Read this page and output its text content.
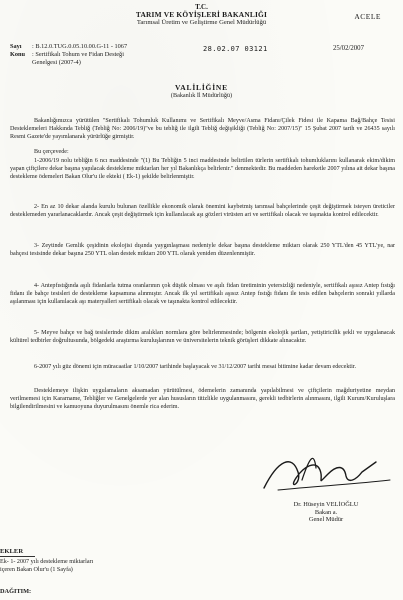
T.C.
TARIM VE KÖYİŞLERİ BAKANLIĞI
Tarımsal Üretim ve Geliştirme Genel Müdürlüğü
ACELE
Sayı : B.12.0.TUG.0.05.10.00.G-11 - 1067
Konu : Sertifikalı Tohum ve Fidan Desteği
Genelgesi (2007-4)
28.02.07 03121	25/02/2007
VALİLİĞİNE
(Bakanlık İl Müdürlüğü)

Bakanlığımızca yürütülen "Sertifikalı Tohumluk Kullanımı ve Sertifikalı Meyve/Asma Fidanı/Çilek Fidesi ile Kapama Bağ/Bahçe Tesisi Desteklemeleri Hakkında Tebliğ (Tebliğ No: 2006/19)"ve bu tebliğ ile ilgili Tebliğ değişikliği (Tebliğ No: 2007/15)" 15 Şubat 2007 tarih ve 26435 sayılı Resmi Gazete'de yayımlanarak yürürlüğe girmiştir.

Bu çerçevede:

1-2006/19 nolu tebliğin 6 ncı maddesinde "(1) Bu Tebliğin 5 inci maddesinde belirtilen türlerin sertifikalı tohumluklarını kullanarak ekim/dikim yapan çiftçilere dekar başına yapılacak destekleme miktarları her yıl Bakanlıkça belirlenir." denmektedir. Bu maddeden hareketle 2007 yılına ait dekar başına destekleme ödemeleri Bakan Olur'u ile ekteki ( Ek-1) şekilde belirlenmiştir.

2- En az 10 dekar alanda kurulu bulunan özellikle ekonomik olarak önemini kaybetmiş tarımsal bahçelerinde çeşit değiştirmek isteyen üreticiler desteklemeden yararlanacaklardır. Ancak çeşit değiştirmek için kullanılacak aşı gözleri virüsten ari ve sertifikalı olacak ve taşınakta kontrol edilecektir.

3- Zeytinde Gemlik çeşidinin ekolojisi dışında yaygınlaşması nedeniyle dekar başına destekleme miktarı olarak 250 YTL'den 45 YTL'ye, nar bahçesi tesisinde dekar başına 250 YTL olan destek miktarı 200 YTL olarak yeniden düzenlenmiştir.

4- Antepfıstığında aşılı fidanlarla tutma oranlarının çok düşük olması ve aşılı fidan üretiminin yetersizliği nedeniyle, sertifikalı aşısız Antep fıstığı fidanı ile bahçe tesisleri de destekleme kapsamına alınmıştır. Ancak ilk yıl sertifikalı aşısız Antep fıstığı fidanı ile tesis edilen bahçelerin sonraki yıllarda aşılanması için kullanılacak aşı materyalleri sertifikalı olacak ve taşınakta kontrol edilecektir.

5- Meyve bahçe ve bağ tesislerinde dikim aralıkları normlara göre belirlenmesinde; bölgenin ekolojik şartları, yetiştiricilik şekli ve uygulanacak kültürel tedbirler doğrultusunda, bölgedeki araştırma kuruluşlarının ve üniversitelerin teknik görüşleri dikkate alınacaktır.

6-2007 yılı güz dönemi için müracaatlar 1/10/2007 tarihinde başlayacak ve 31/12/2007 tarihi mesai bitimine kadar devam edecektir.

Desteklemeye ilişkin uygulamaların aksamadan yürütülmesi, ödemelerin zamanında yapılabilmesi ve çiftçilerin mağduriyetine meydan verilmemesi için Kararname, Tebliğler ve Genelgelerde yer alan hususların titizlikle uygulanmasını, gerekli tedbirlerin alınmasını, ilgili Kurum/Kuruluşlara bilgilendirilmesini ve kamuoyuna duyurulmasını önemle rica ederim.

Dr. Hüseyin VELİOĞLU
Bakan a.
Genel Müdür
EKLER
Ek- 1- 2007 yılı destekleme miktarları
içeren Bakan Olur'u (1 Sayfa)
DAĞITIM:
